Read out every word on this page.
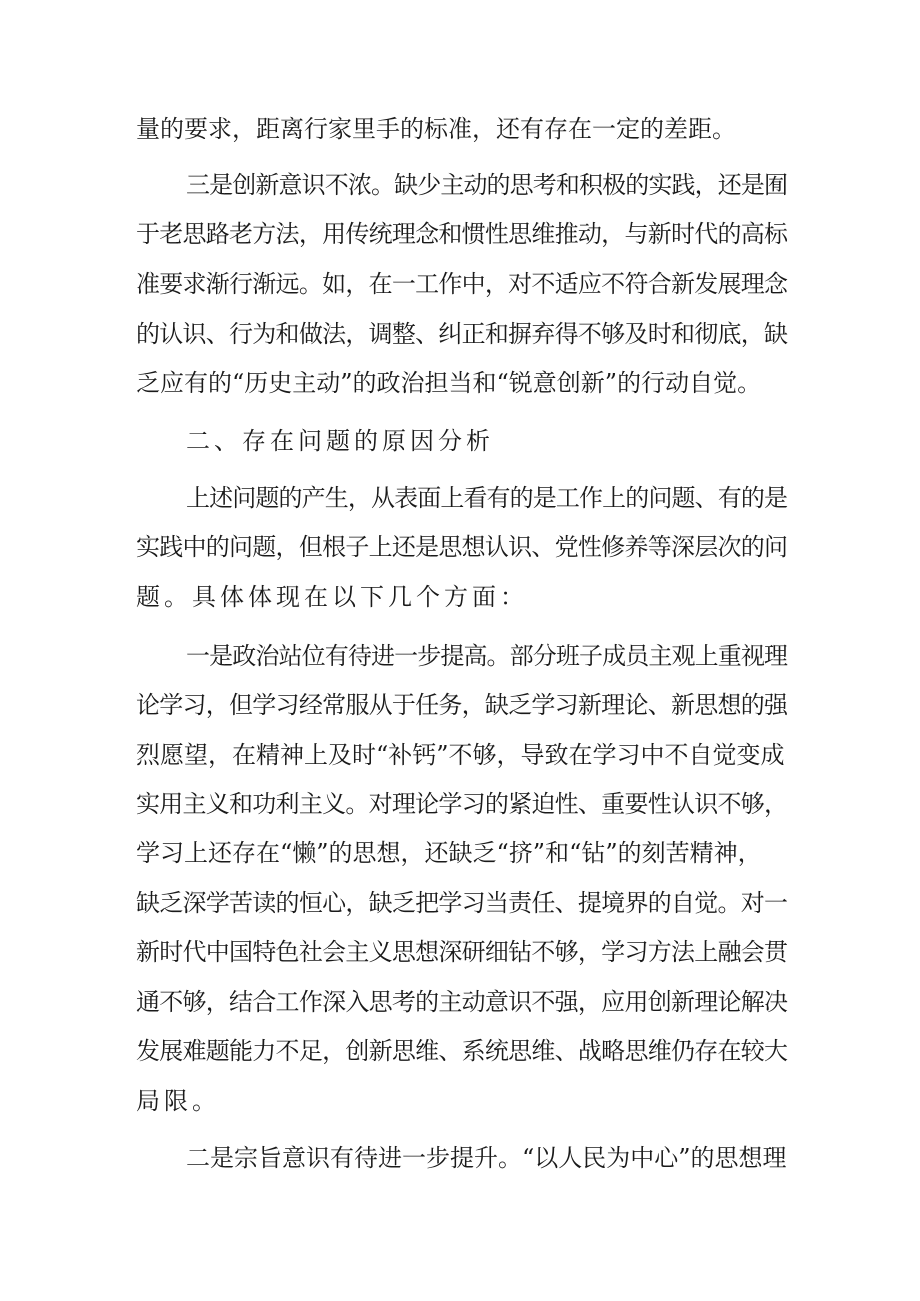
量的要求，距离行家里手的标准，还有存在一定的差距。
三是创新意识不浓。缺少主动的思考和积极的实践，还是囿
于老思路老方法，用传统理念和惯性思维推动，与新时代的高标
准要求渐行渐远。如，在一工作中，对不适应不符合新发展理念
的认识、行为和做法，调整、纠正和摒弃得不够及时和彻底，缺
乏应有的“历史主动”的政治担当和“锐意创新”的行动自觉。
二、存在问题的原因分析
上述问题的产生，从表面上看有的是工作上的问题、有的是
实践中的问题，但根子上还是思想认识、党性修养等深层次的问
题。具体体现在以下几个方面：
一是政治站位有待进一步提高。部分班子成员主观上重视理
论学习，但学习经常服从于任务，缺乏学习新理论、新思想的强
烈愿望，在精神上及时“补钙”不够，导致在学习中不自觉变成
实用主义和功利主义。对理论学习的紧迫性、重要性认识不够，
学习上还存在“懒”的思想，还缺乏“挤”和“钻”的刻苦精神，
缺乏深学苦读的恒心，缺乏把学习当责任、提境界的自觉。对一
新时代中国特色社会主义思想深研细钻不够，学习方法上融会贯
通不够，结合工作深入思考的主动意识不强，应用创新理论解决
发展难题能力不足，创新思维、系统思维、战略思维仍存在较大
局限。
二是宗旨意识有待进一步提升。“以人民为中心”的思想理
